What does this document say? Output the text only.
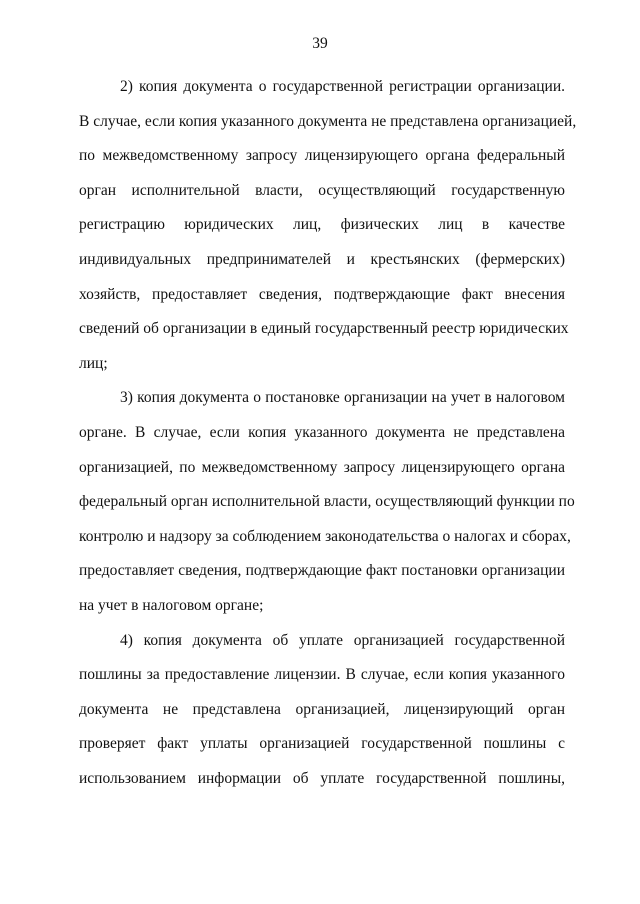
39
2) копия документа о государственной регистрации организации.
В случае, если копия указанного документа не представлена организацией,
по межведомственному запросу лицензирующего органа федеральный
орган исполнительной власти, осуществляющий государственную
регистрацию юридических лиц, физических лиц в качестве
индивидуальных предпринимателей и крестьянских (фермерских)
хозяйств, предоставляет сведения, подтверждающие факт внесения
сведений об организации в единый государственный реестр юридических
лиц;
3) копия документа о постановке организации на учет в налоговом
органе. В случае, если копия указанного документа не представлена
организацией, по межведомственному запросу лицензирующего органа
федеральный орган исполнительной власти, осуществляющий функции по
контролю и надзору за соблюдением законодательства о налогах и сборах,
предоставляет сведения, подтверждающие факт постановки организации
на учет в налоговом органе;
4) копия документа об уплате организацией государственной
пошлины за предоставление лицензии. В случае, если копия указанного
документа не представлена организацией, лицензирующий орган
проверяет факт уплаты организацией государственной пошлины с
использованием информации об уплате государственной пошлины,
